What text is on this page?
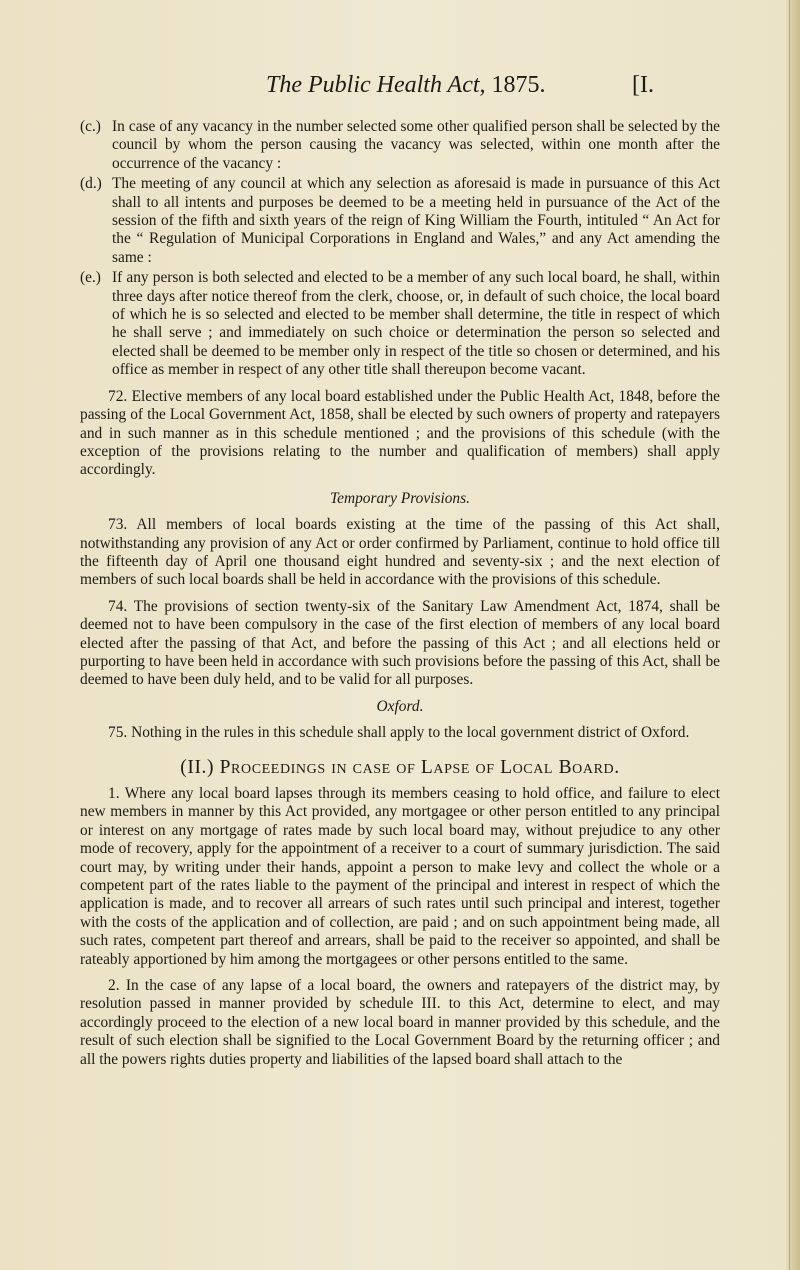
The Public Health Act, 1875.	[I.

(c.) In case of any vacancy in the number selected some other qualified person shall be selected by the council by whom the person causing the vacancy was selected, within one month after the occurrence of the vacancy :

(d.) The meeting of any council at which any selection as aforesaid is made in pursuance of this Act shall to all intents and purposes be deemed to be a meeting held in pursuance of the Act of the session of the fifth and sixth years of the reign of King William the Fourth, intituled “ An Act for the “ Regulation of Municipal Corporations in England and Wales,” and any Act amending the same :

(e.) If any person is both selected and elected to be a member of any such local board, he shall, within three days after notice thereof from the clerk, choose, or, in default of such choice, the local board of which he is so selected and elected to be member shall determine, the title in respect of which he shall serve ; and immediately on such choice or determination the person so selected and elected shall be deemed to be member only in respect of the title so chosen or determined, and his office as member in respect of any other title shall thereupon become vacant.

72. Elective members of any local board established under the Public Health Act, 1848, before the passing of the Local Government Act, 1858, shall be elected by such owners of property and ratepayers and in such manner as in this schedule mentioned ; and the provisions of this schedule (with the exception of the provisions relating to the number and qualification of members) shall apply accordingly.

Temporary Provisions.

73. All members of local boards existing at the time of the passing of this Act shall, notwithstanding any provision of any Act or order confirmed by Parliament, continue to hold office till the fifteenth day of April one thousand eight hundred and seventy-six ; and the next election of members of such local boards shall be held in accordance with the provisions of this schedule.

74. The provisions of section twenty-six of the Sanitary Law Amendment Act, 1874, shall be deemed not to have been compulsory in the case of the first election of members of any local board elected after the passing of that Act, and before the passing of this Act ; and all elections held or purporting to have been held in accordance with such provisions before the passing of this Act, shall be deemed to have been duly held, and to be valid for all purposes.

Oxford.

75. Nothing in the rules in this schedule shall apply to the local government district of Oxford.

(II.) Proceedings in case of Lapse of Local Board.

1. Where any local board lapses through its members ceasing to hold office, and failure to elect new members in manner by this Act provided, any mortgagee or other person entitled to any principal or interest on any mortgage of rates made by such local board may, without prejudice to any other mode of recovery, apply for the appointment of a receiver to a court of summary jurisdiction. The said court may, by writing under their hands, appoint a person to make levy and collect the whole or a competent part of the rates liable to the payment of the principal and interest in respect of which the application is made, and to recover all arrears of such rates until such principal and interest, together with the costs of the application and of collection, are paid ; and on such appointment being made, all such rates, competent part thereof and arrears, shall be paid to the receiver so appointed, and shall be rateably apportioned by him among the mortgagees or other persons entitled to the same.

2. In the case of any lapse of a local board, the owners and ratepayers of the district may, by resolution passed in manner provided by schedule III. to this Act, determine to elect, and may accordingly proceed to the election of a new local board in manner provided by this schedule, and the result of such election shall be signified to the Local Government Board by the returning officer ; and all the powers rights duties property and liabilities of the lapsed board shall attach to the
